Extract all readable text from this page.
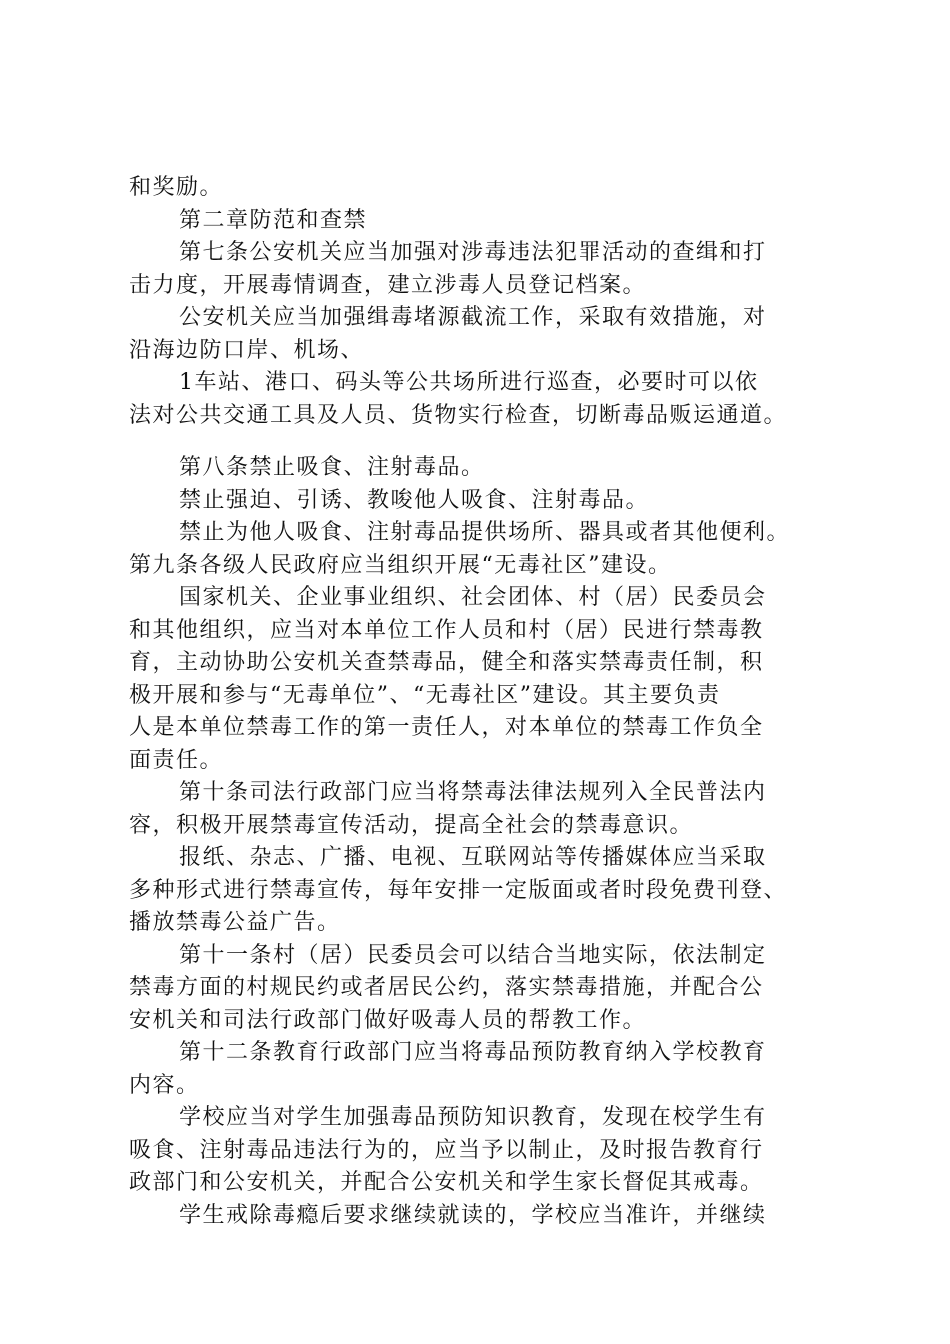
和奖励。
第二章防范和查禁
第七条公安机关应当加强对涉毒违法犯罪活动的查缉和打
击力度，开展毒情调查，建立涉毒人员登记档案。
公安机关应当加强缉毒堵源截流工作，采取有效措施，对
沿海边防口岸、机场、
1车站、港口、码头等公共场所进行巡查，必要时可以依
法对公共交通工具及人员、货物实行检查，切断毒品贩运通道。
第八条禁止吸食、注射毒品。
禁止强迫、引诱、教唆他人吸食、注射毒品。
禁止为他人吸食、注射毒品提供场所、器具或者其他便利。
第九条各级人民政府应当组织开展“无毒社区”建设。
国家机关、企业事业组织、社会团体、村（居）民委员会
和其他组织，应当对本单位工作人员和村（居）民进行禁毒教
育，主动协助公安机关查禁毒品，健全和落实禁毒责任制，积
极开展和参与“无毒单位”、“无毒社区”建设。其主要负责
人是本单位禁毒工作的第一责任人，对本单位的禁毒工作负全
面责任。
第十条司法行政部门应当将禁毒法律法规列入全民普法内
容，积极开展禁毒宣传活动，提高全社会的禁毒意识。
报纸、杂志、广播、电视、互联网站等传播媒体应当采取
多种形式进行禁毒宣传，每年安排一定版面或者时段免费刊登、
播放禁毒公益广告。
第十一条村（居）民委员会可以结合当地实际，依法制定
禁毒方面的村规民约或者居民公约，落实禁毒措施，并配合公
安机关和司法行政部门做好吸毒人员的帮教工作。
第十二条教育行政部门应当将毒品预防教育纳入学校教育
内容。
学校应当对学生加强毒品预防知识教育，发现在校学生有
吸食、注射毒品违法行为的，应当予以制止，及时报告教育行
政部门和公安机关，并配合公安机关和学生家长督促其戒毒。
学生戒除毒瘾后要求继续就读的，学校应当准许，并继续
